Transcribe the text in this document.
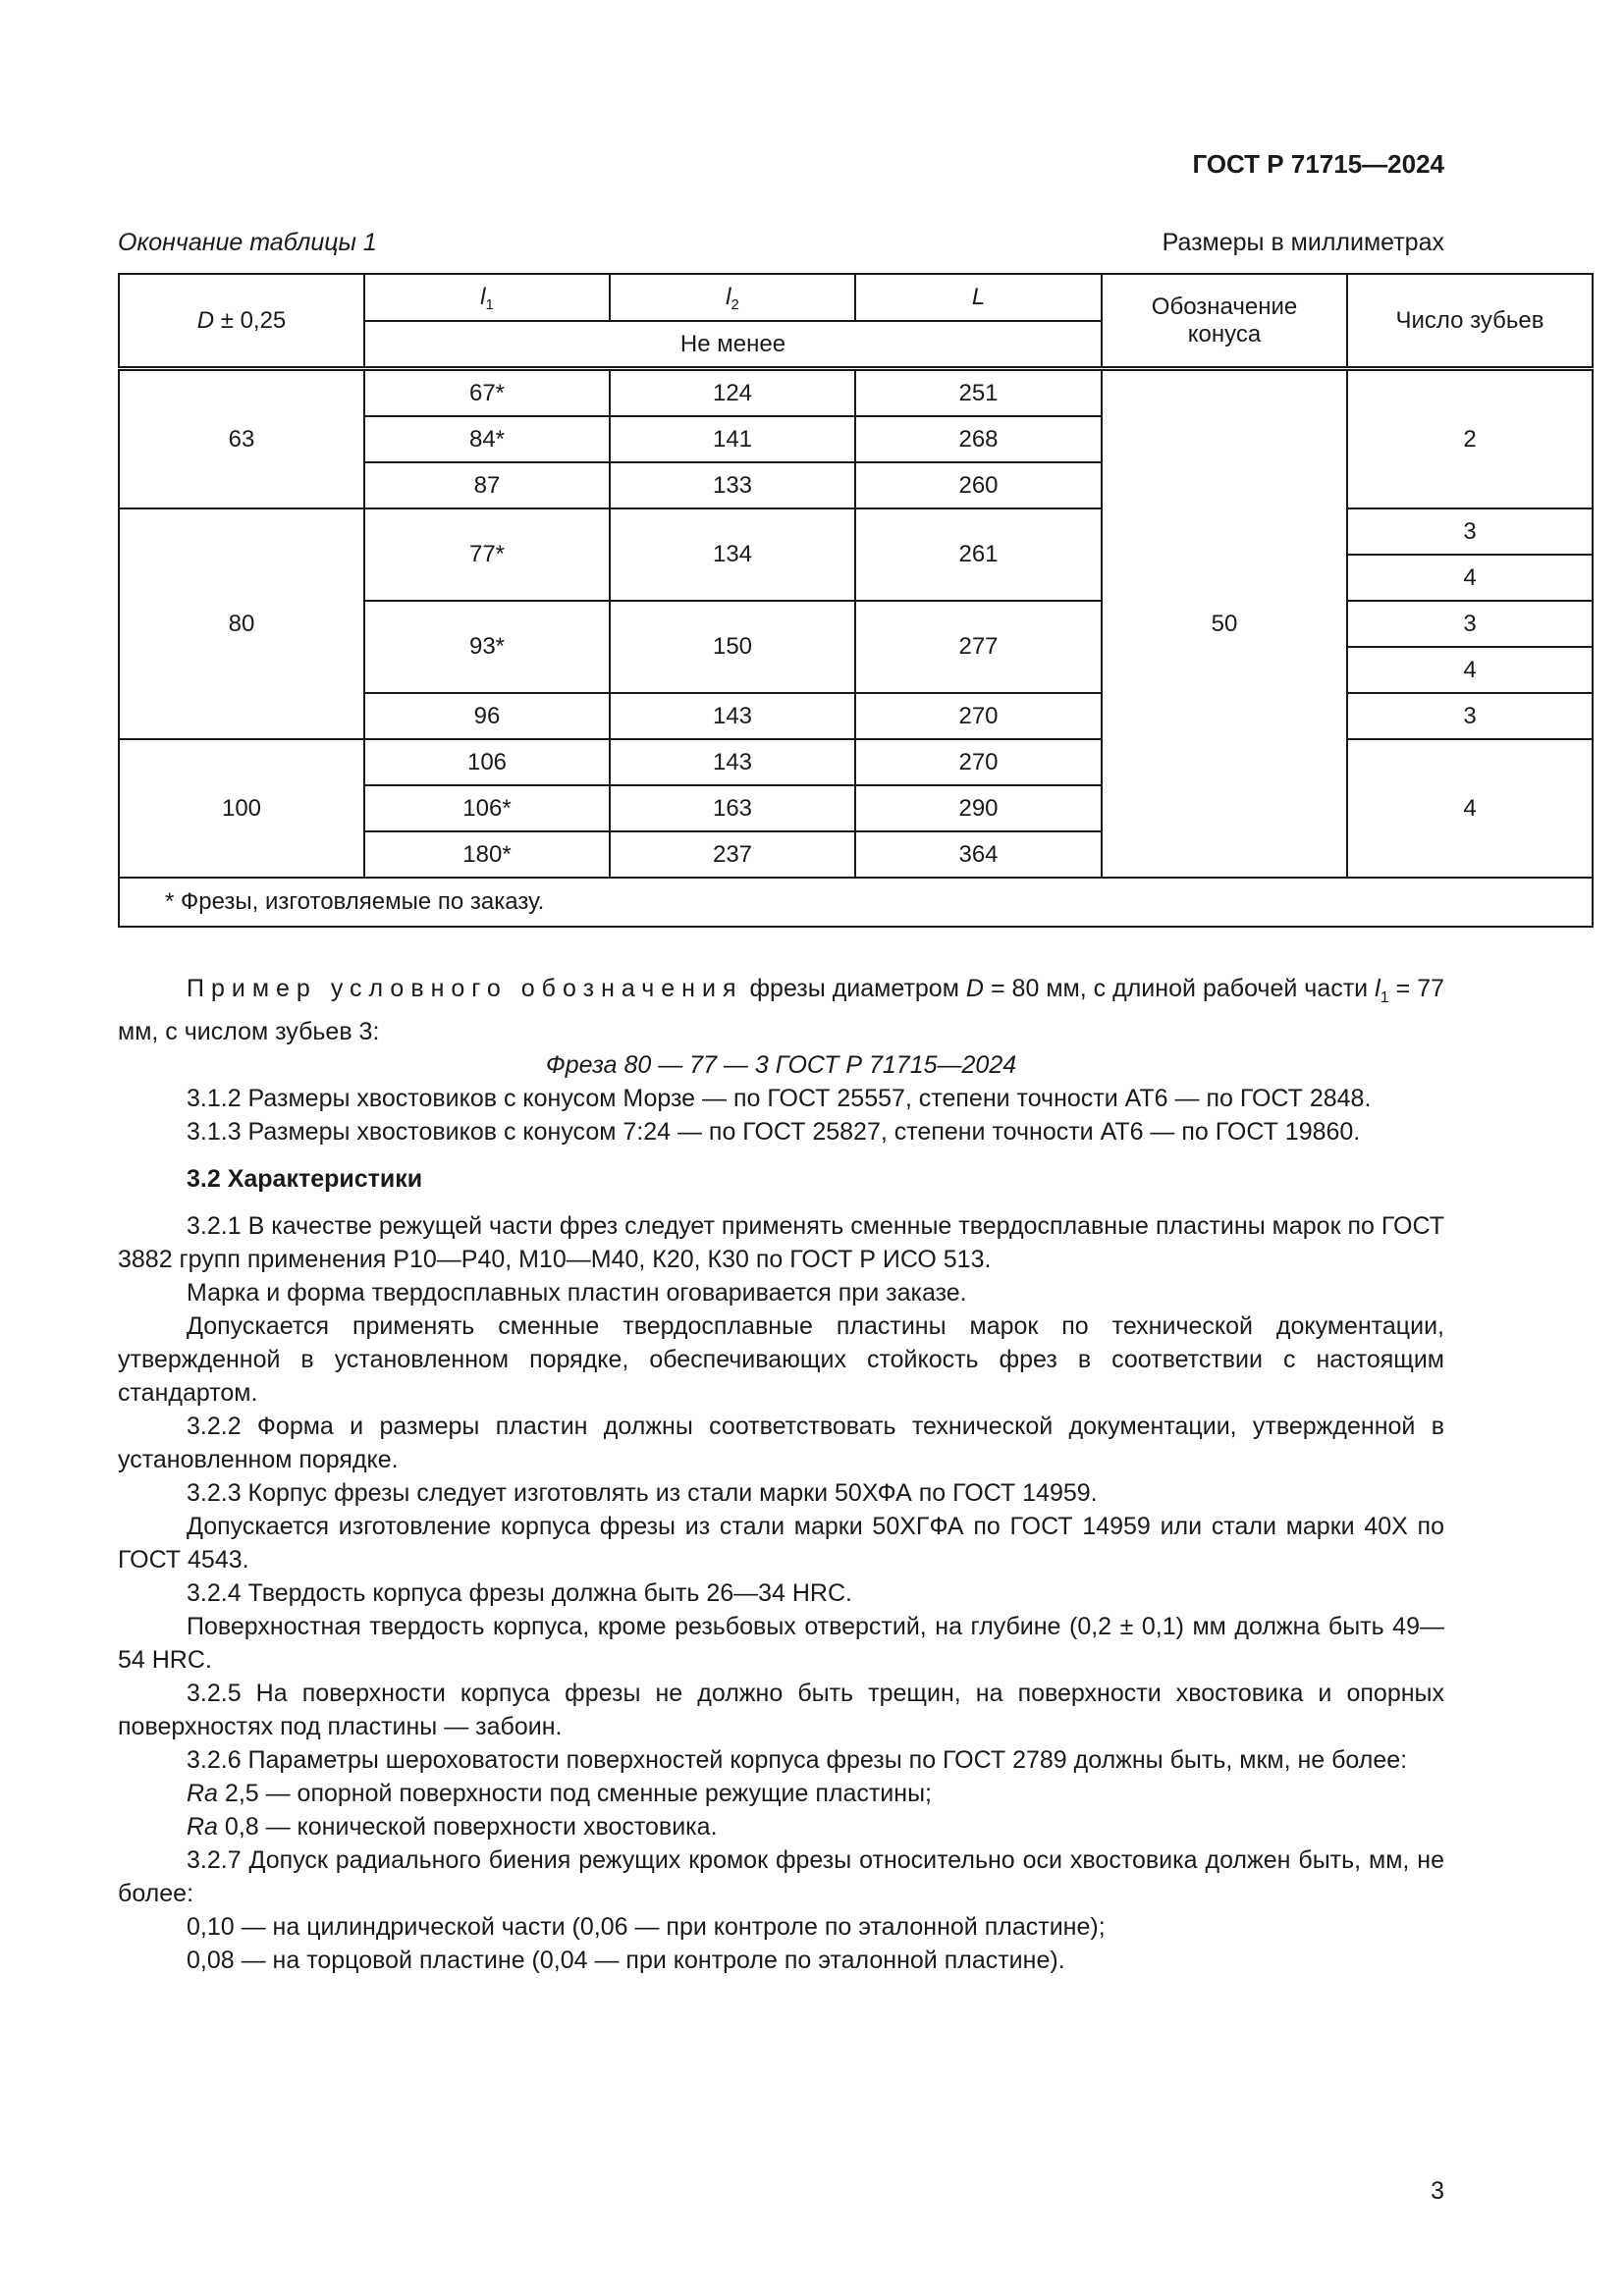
ГОСТ Р 71715—2024
Окончание таблицы 1	Размеры в миллиметрах
D ± 0,25	$l_1$	$l_2$	L	Обозначение конуса	Число зубьев
	Не менее				
63	67*	124	251	50	2
	84*	141	268		
	87	133	260		
80	77*	134	261		3
					4
	93*	150	277		3
					4
	96	143	270		3
100	106	143	270		4
	106*	163	290		
	180*	237	364		
* Фрезы, изготовляемые по заказу.					

Пример условного обозначения фрезы диаметром D = 80 мм, с длиной рабочей части $l_1 = 77$ мм, с числом зубьев 3:

Фреза 80 — 77 — 3 ГОСТ Р 71715—2024

3.1.2 Размеры хвостовиков с конусом Морзе — по ГОСТ 25557, степени точности АТ6 — по ГОСТ 2848.

3.1.3 Размеры хвостовиков с конусом 7:24 — по ГОСТ 25827, степени точности АТ6 — по ГОСТ 19860.

3.2 Характеристики

3.2.1 В качестве режущей части фрез следует применять сменные твердосплавные пластины марок по ГОСТ 3882 групп применения Р10—Р40, М10—М40, К20, К30 по ГОСТ Р ИСО 513.

Марка и форма твердосплавных пластин оговаривается при заказе.

Допускается применять сменные твердосплавные пластины марок по технической документации, утвержденной в установленном порядке, обеспечивающих стойкость фрез в соответствии с настоящим стандартом.

3.2.2 Форма и размеры пластин должны соответствовать технической документации, утвержденной в установленном порядке.

3.2.3 Корпус фрезы следует изготовлять из стали марки 50ХФА по ГОСТ 14959.

Допускается изготовление корпуса фрезы из стали марки 50ХГФА по ГОСТ 14959 или стали марки 40Х по ГОСТ 4543.

3.2.4 Твердость корпуса фрезы должна быть 26—34 HRC.

Поверхностная твердость корпуса, кроме резьбовых отверстий, на глубине (0,2 ± 0,1) мм должна быть 49—54 HRC.

3.2.5 На поверхности корпуса фрезы не должно быть трещин, на поверхности хвостовика и опорных поверхностях под пластины — забоин.

3.2.6 Параметры шероховатости поверхностей корпуса фрезы по ГОСТ 2789 должны быть, мкм, не более:

Ra 2,5 — опорной поверхности под сменные режущие пластины;

Ra 0,8 — конической поверхности хвостовика.

3.2.7 Допуск радиального биения режущих кромок фрезы относительно оси хвостовика должен быть, мм, не более:

0,10 — на цилиндрической части (0,06 — при контроле по эталонной пластине);

0,08 — на торцовой пластине (0,04 — при контроле по эталонной пластине).

3
